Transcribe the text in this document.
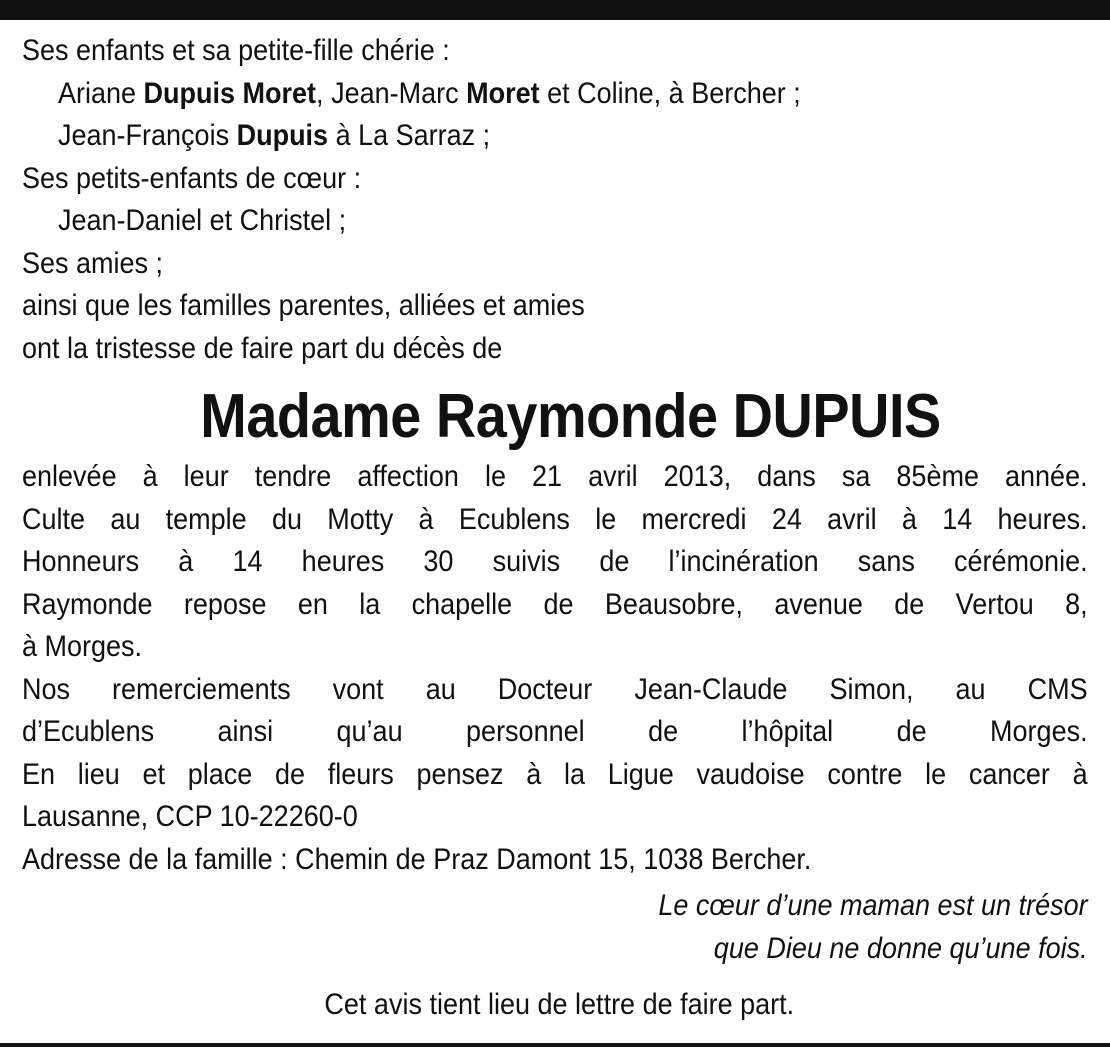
Ses enfants et sa petite-fille chérie :
Ariane Dupuis Moret, Jean-Marc Moret et Coline, à Bercher ;
Jean-François Dupuis à La Sarraz ;
Ses petits-enfants de cœur :
Jean-Daniel et Christel ;
Ses amies ;
ainsi que les familles parentes, alliées et amies
ont la tristesse de faire part du décès de
Madame Raymonde DUPUIS
enlevée à leur tendre affection le 21 avril 2013, dans sa 85ème année.
Culte au temple du Motty à Ecublens le mercredi 24 avril à 14 heures.
Honneurs à 14 heures 30 suivis de l’incinération sans cérémonie.
Raymonde repose en la chapelle de Beausobre, avenue de Vertou 8,
à Morges.
Nos remerciements vont au Docteur Jean-Claude Simon, au CMS
d’Ecublens ainsi qu’au personnel de l’hôpital de Morges.
En lieu et place de fleurs pensez à la Ligue vaudoise contre le cancer à
Lausanne, CCP 10-22260-0
Adresse de la famille : Chemin de Praz Damont 15, 1038 Bercher.
Le cœur d’une maman est un trésor
que Dieu ne donne qu’une fois.
Cet avis tient lieu de lettre de faire part.
